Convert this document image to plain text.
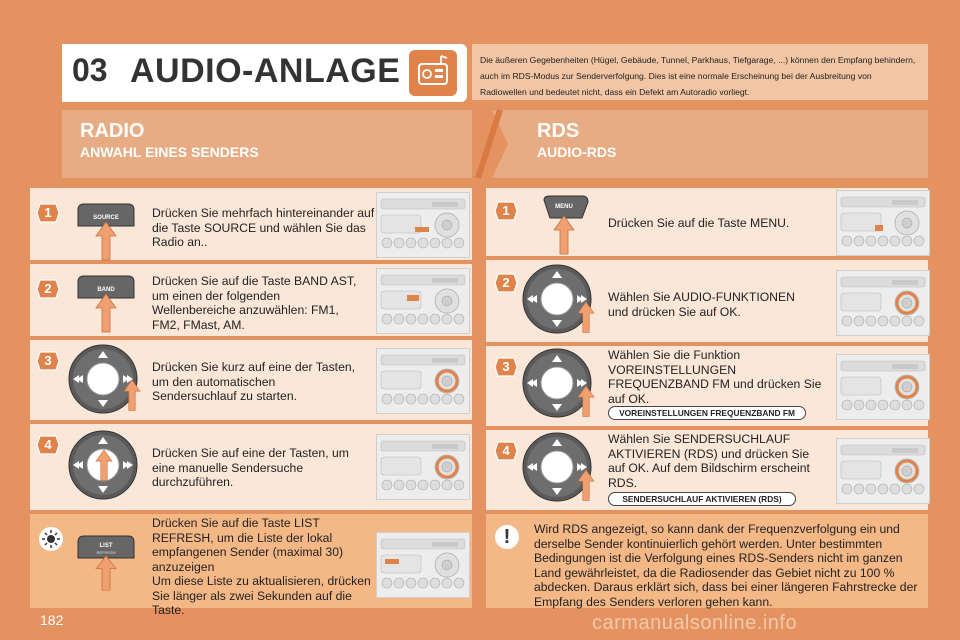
03 AUDIO-ANLAGE	Die äußeren Gegebenheiten (Hügel, Gebäude, Tunnel, Parkhaus, Tiefgarage, ...) können den Empfang behindern, auch im RDS-Modus zur Senderverfolgung. Dies ist eine normale Erscheinung bei der Ausbreitung von Radiowellen und bedeutet nicht, dass ein Defekt am Autoradio vorliegt.
RADIO
ANWAHL EINES SENDERS
RDS
AUDIO-RDS
1	SOURCE	Drücken Sie mehrfach hintereinander auf die Taste SOURCE und wählen Sie das Radio an..
2	BAND
Drücken Sie auf die Taste BAND AST, um einen der folgenden Wellenbereiche anzuwählen: FM1, FM2, FMast, AM.
3	Drücken Sie kurz auf eine der Tasten, um den automatischen Sendersuchlauf zu starten.
4
Drücken Sie auf eine der Tasten, um eine manuelle Sendersuche durchzuführen.
LIST
REFRESH
Drücken Sie auf die Taste LIST REFRESH, um die Liste der lokal empfangenen Sender (maximal 30) anzuzeigen
Um diese Liste zu aktualisieren, drücken Sie länger als zwei Sekunden auf die Taste.
1	MENU
Drücken Sie auf die Taste MENU.
2
Wählen Sie AUDIO-FUNKTIONEN und drücken Sie auf OK.
3
Wählen Sie die Funktion VOREINSTELLUNGEN FREQUENZBAND FM und drücken Sie auf OK.
VOREINSTELLUNGEN FREQUENZBAND FM
4
Wählen Sie SENDERSUCHLAUF AKTIVIEREN (RDS) und drücken Sie auf OK. Auf dem Bildschirm erscheint RDS.
SENDERSUCHLAUF AKTIVIEREN (RDS)
!	Wird RDS angezeigt, so kann dank der Frequenzverfolgung ein und derselbe Sender kontinuierlich gehört werden. Unter bestimmten Bedingungen ist die Verfolgung eines RDS-Senders nicht im ganzen Land gewährleistet, da die Radiosender das Gebiet nicht zu 100 % abdecken. Daraus erklärt sich, dass bei einer längeren Fahrstrecke der Empfang des Senders verloren gehen kann.
182	carmanualsonline.info
